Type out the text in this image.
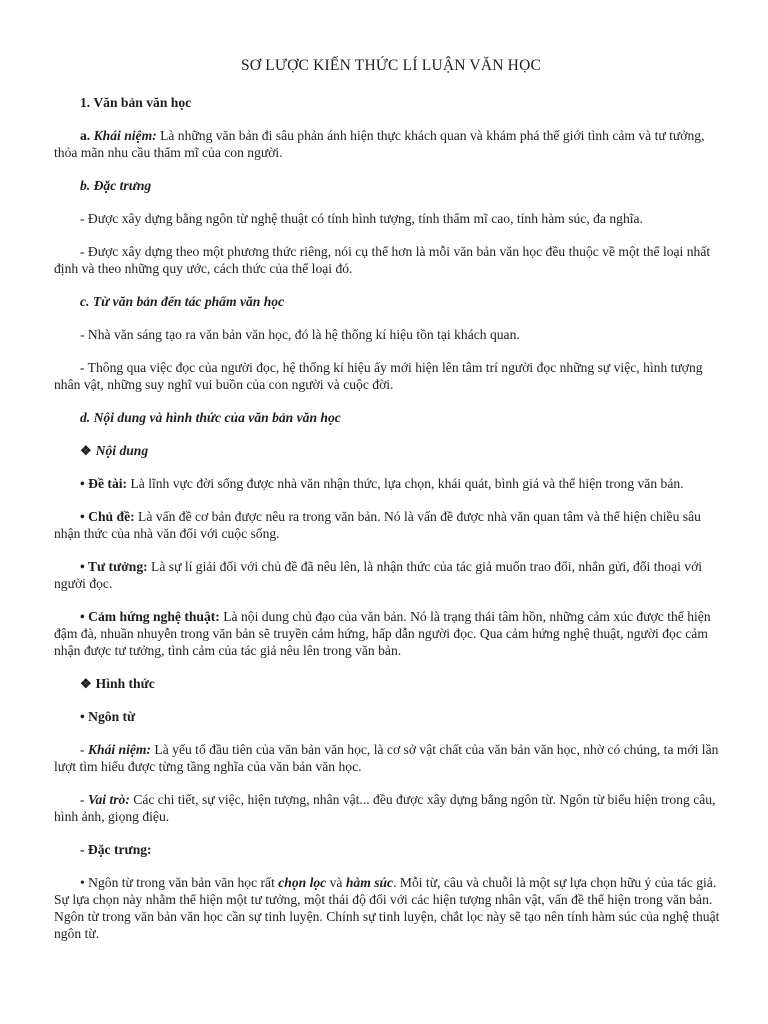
SƠ LƯỢC KIẾN THỨC LÍ LUẬN VĂN HỌC

1. Văn bản văn học

a. Khái niệm: Là những văn bản đi sâu phản ánh hiện thực khách quan và khám phá thế giới tình cảm và tư tưởng, thỏa mãn nhu cầu thẩm mĩ của con người.

b. Đặc trưng

- Được xây dựng bằng ngôn từ nghệ thuật có tính hình tượng, tính thẩm mĩ cao, tính hàm súc, đa nghĩa.

- Được xây dựng theo một phương thức riêng, nói cụ thể hơn là mỗi văn bản văn học đều thuộc về một thể loại nhất định và theo những quy ước, cách thức của thể loại đó.

c. Từ văn bản đến tác phẩm văn học

- Nhà văn sáng tạo ra văn bản văn học, đó là hệ thống kí hiệu tồn tại khách quan.

- Thông qua việc đọc của người đọc, hệ thống kí hiệu ấy mới hiện lên tâm trí người đọc những sự việc, hình tượng nhân vật, những suy nghĩ vui buồn của con người và cuộc đời.

d. Nội dung và hình thức của văn bản văn học

❖ Nội dung

• Đề tài: Là lĩnh vực đời sống được nhà văn nhận thức, lựa chọn, khái quát, bình giá và thể hiện trong văn bản.

• Chủ đề: Là vấn đề cơ bản được nêu ra trong văn bản. Nó là vấn đề được nhà văn quan tâm và thể hiện chiều sâu nhận thức của nhà văn đối với cuộc sống.

• Tư tưởng: Là sự lí giải đối với chủ đề đã nêu lên, là nhận thức của tác giả muốn trao đổi, nhắn gửi, đối thoại với người đọc.

• Cảm hứng nghệ thuật: Là nội dung chủ đạo của văn bản. Nó là trạng thái tâm hồn, những cảm xúc được thể hiện đậm đà, nhuần nhuyễn trong văn bản sẽ truyền cảm hứng, hấp dẫn người đọc. Qua cảm hứng nghệ thuật, người đọc cảm nhận được tư tưởng, tình cảm của tác giả nêu lên trong văn bản.

❖ Hình thức

• Ngôn từ

- Khái niệm: Là yếu tố đầu tiên của văn bản văn học, là cơ sở vật chất của văn bản văn học, nhờ có chúng, ta mới lần lượt tìm hiểu được từng tầng nghĩa của văn bản văn học.

- Vai trò: Các chi tiết, sự việc, hiện tượng, nhân vật... đều được xây dựng bằng ngôn từ. Ngôn từ biểu hiện trong câu, hình ảnh, giọng điệu.

- Đặc trưng:

• Ngôn từ trong văn bản văn học rất chọn lọc và hàm súc. Mỗi từ, câu và chuỗi là một sự lựa chọn hữu ý của tác giả. Sự lựa chọn này nhằm thể hiện một tư tưởng, một thái độ đối với các hiện tượng nhân vật, vấn đề thể hiện trong văn bản. Ngôn từ trong văn bản văn học cần sự tinh luyện. Chính sự tinh luyện, chắt lọc này sẽ tạo nên tính hàm súc của nghệ thuật ngôn từ.
